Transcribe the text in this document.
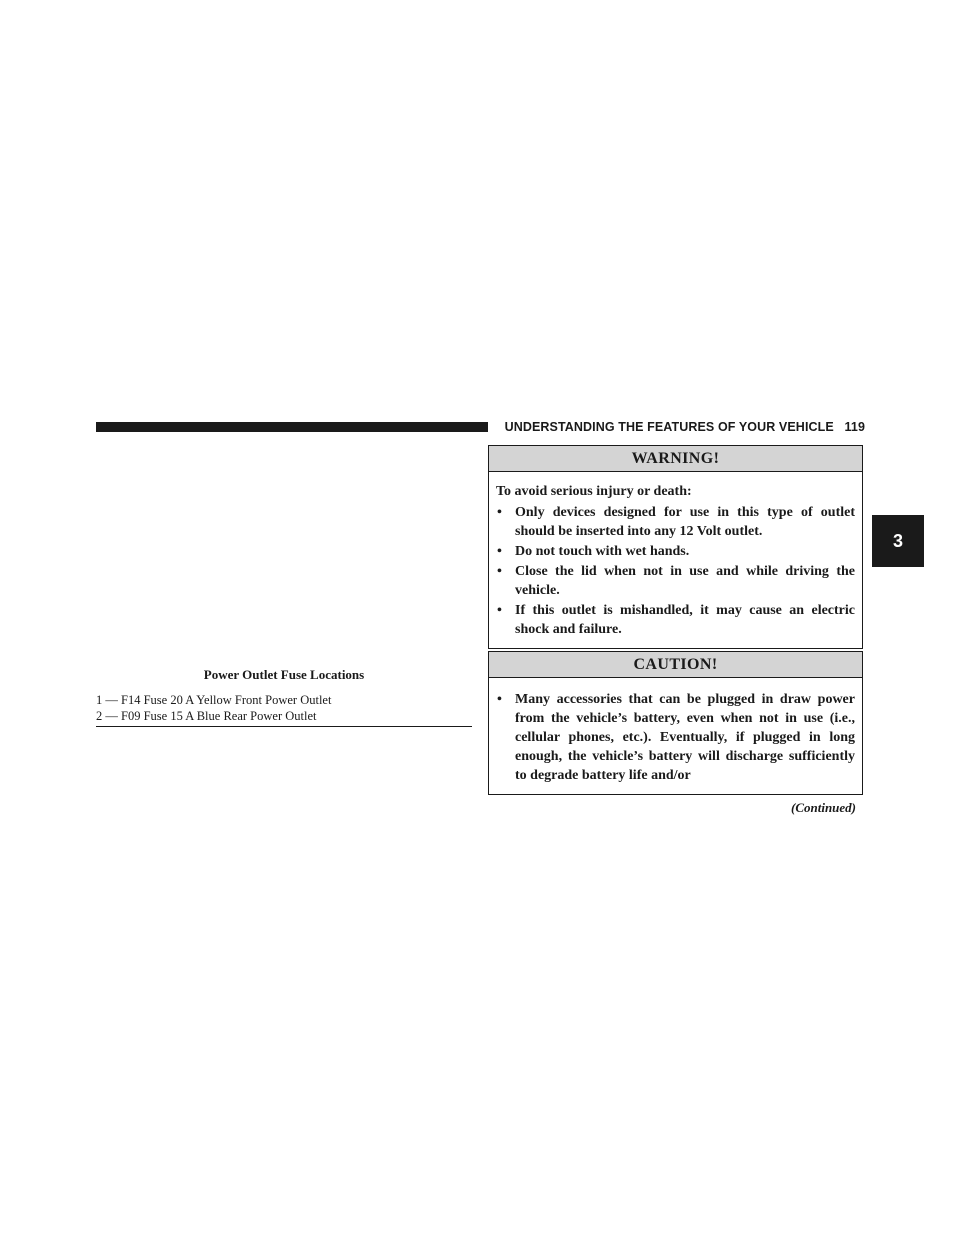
UNDERSTANDING THE FEATURES OF YOUR VEHICLE 119
3
Power Outlet Fuse Locations
1 — F14 Fuse 20 A Yellow Front Power Outlet
2 — F09 Fuse 15 A Blue Rear Power Outlet
WARNING!
To avoid serious injury or death:
• Only devices designed for use in this type of outlet should be inserted into any 12 Volt outlet.
• Do not touch with wet hands.
• Close the lid when not in use and while driving the vehicle.
• If this outlet is mishandled, it may cause an electric shock and failure.
CAUTION!
• Many accessories that can be plugged in draw power from the vehicle’s battery, even when not in use (i.e., cellular phones, etc.). Eventually, if plugged in long enough, the vehicle’s battery will discharge sufficiently to degrade battery life and/or
(Continued)
